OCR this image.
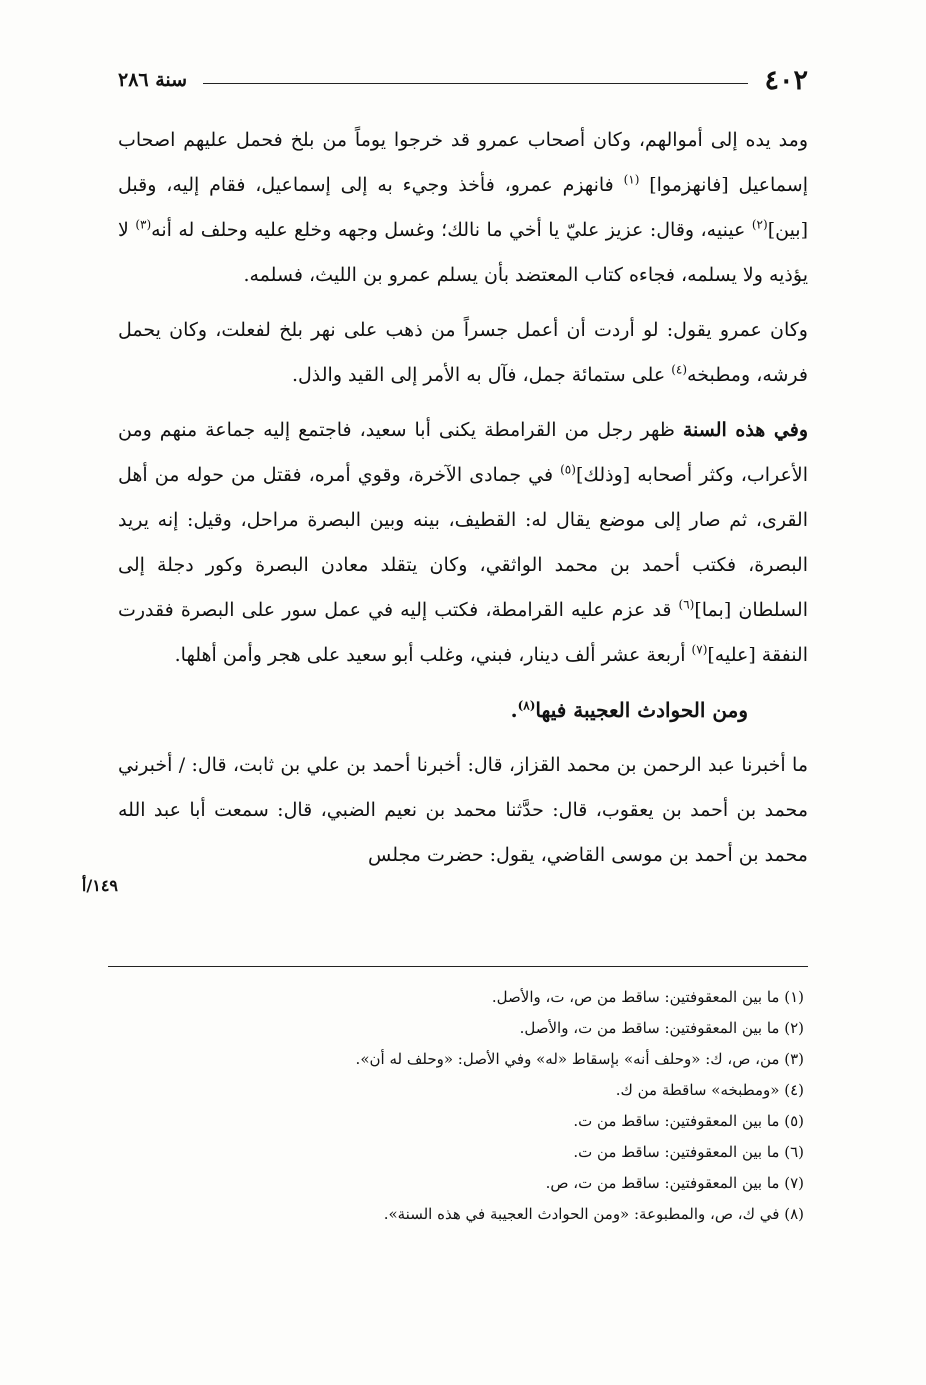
٤٠٢
سنة ٢٨٦

ومد يده إلى أموالهم، وكان أصحاب عمرو قد خرجوا يوماً من بلخ فحمل عليهم اصحاب إسماعيل [فانهزموا] $^{(١)}$ فانهزم عمرو، فأخذ وجيء به إلى إسماعيل، فقام إليه، وقبل [بين]$^{(٢)}$ عينيه، وقال: عزيز عليّ يا أخي ما نالك؛ وغسل وجهه وخلع عليه وحلف له أنه$^{(٣)}$ لا يؤذيه ولا يسلمه، فجاءه كتاب المعتضد بأن يسلم عمرو بن الليث، فسلمه.

وكان عمرو يقول: لو أردت أن أعمل جسراً من ذهب على نهر بلخ لفعلت، وكان يحمل فرشه، ومطبخه$^{(٤)}$ على ستمائة جمل، فآل به الأمر إلى القيد والذل.

وفي هذه السنة ظهر رجل من القرامطة يكنى أبا سعيد، فاجتمع إليه جماعة منهم ومن الأعراب، وكثر أصحابه [وذلك]$^{(٥)}$ في جمادى الآخرة، وقوي أمره، فقتل من حوله من أهل القرى، ثم صار إلى موضع يقال له: القطيف، بينه وبين البصرة مراحل، وقيل: إنه يريد البصرة، فكتب أحمد بن محمد الواثقي، وكان يتقلد معادن البصرة وكور دجلة إلى السلطان [بما]$^{(٦)}$ قد عزم عليه القرامطة، فكتب إليه في عمل سور على البصرة فقدرت النفقة [عليه]$^{(٧)}$ أربعة عشر ألف دينار، فبني، وغلب أبو سعيد على هجر وأمن أهلها.

ومن الحوادث العجيبة فيها$^{(٨)}$.

ما أخبرنا عبد الرحمن بن محمد القزاز، قال: أخبرنا أحمد بن علي بن ثابت، قال: / أخبرني محمد بن أحمد بن يعقوب، قال: حدَّثنا محمد بن نعيم الضبي، قال: سمعت أبا عبد الله محمد بن أحمد بن موسى القاضي، يقول: حضرت مجلس

١٤٩/أ

(١) ما بين المعقوفتين: ساقط من ص، ت، والأصل.

(٢) ما بين المعقوفتين: ساقط من ت، والأصل.

(٣) من، ص، ك: «وحلف أنه» بإسقاط «له» وفي الأصل: «وحلف له أن».

(٤) «ومطبخه» ساقطة من ك.

(٥) ما بين المعقوفتين: ساقط من ت.

(٦) ما بين المعقوفتين: ساقط من ت.

(٧) ما بين المعقوفتين: ساقط من ت، ص.

(٨) في ك، ص، والمطبوعة: «ومن الحوادث العجيبة في هذه السنة».
